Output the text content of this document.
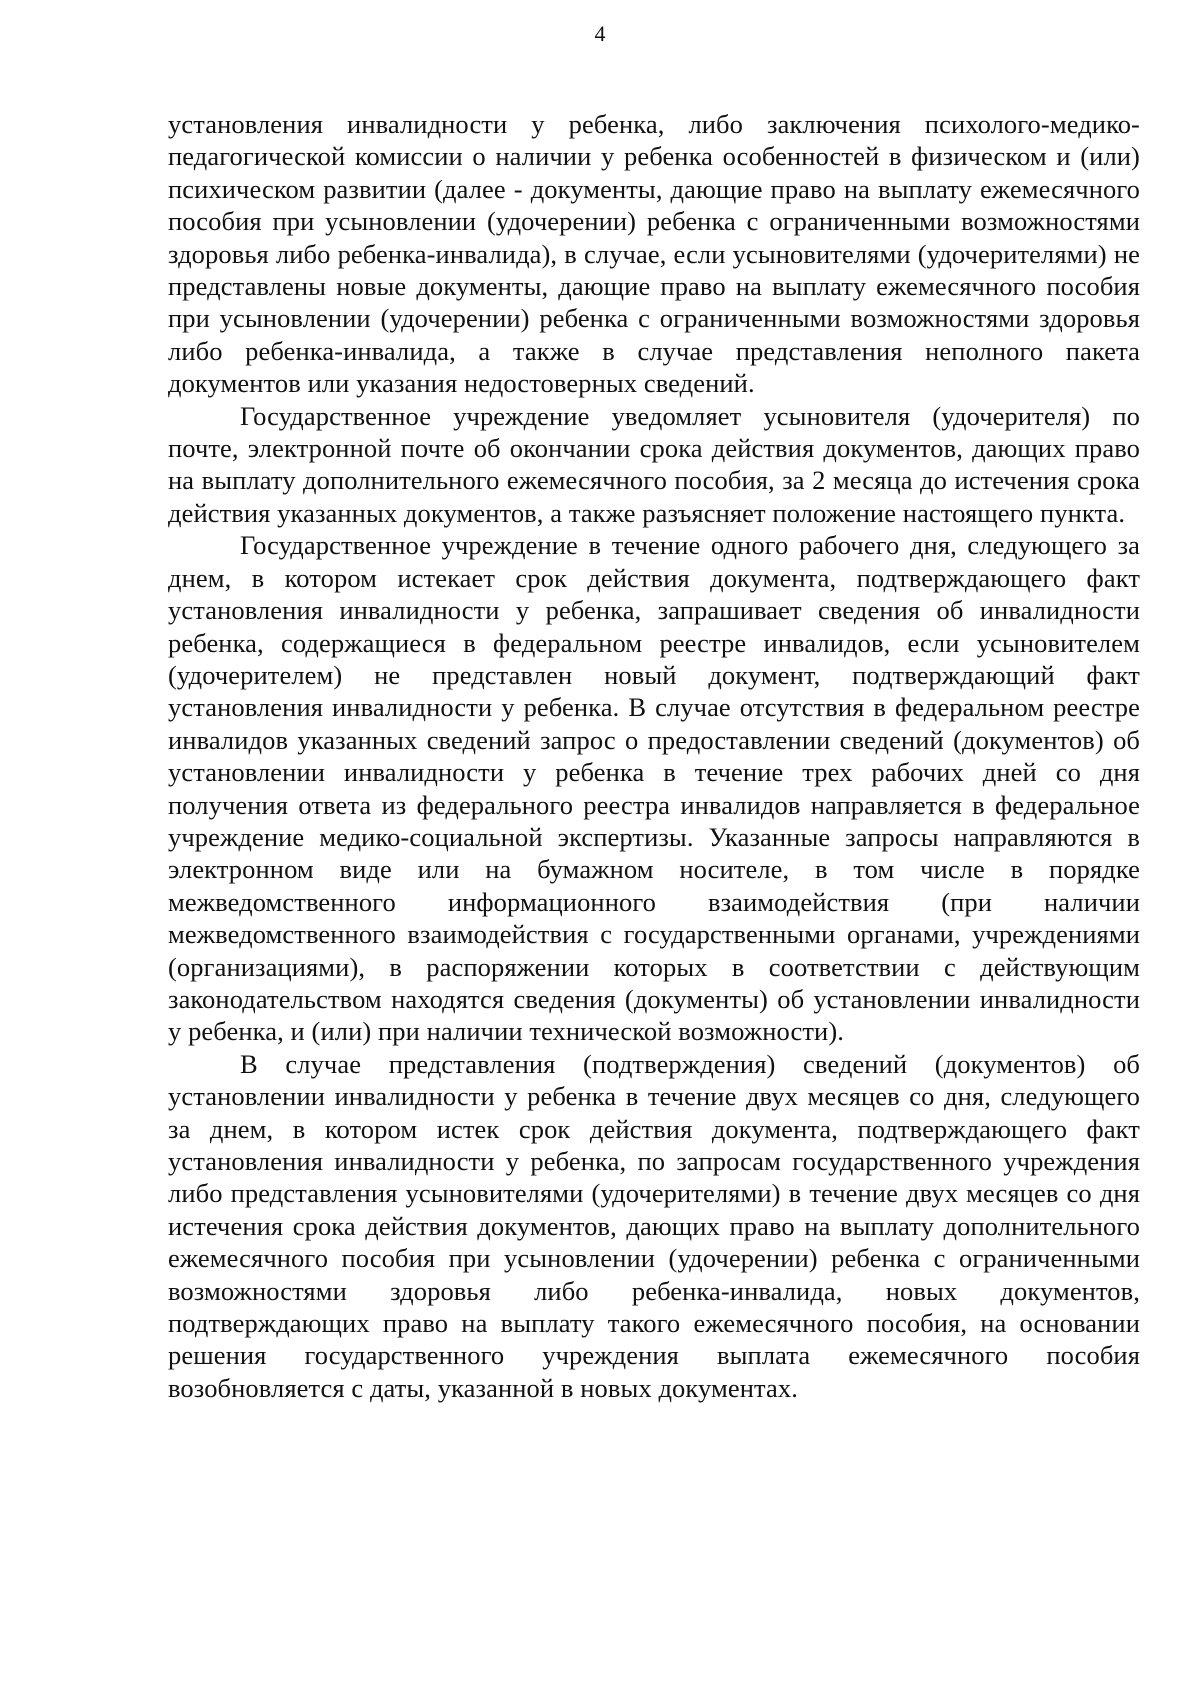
4

установления инвалидности у ребенка, либо заключения психолого-медико-педагогической комиссии о наличии у ребенка особенностей в физическом и (или) психическом развитии (далее - документы, дающие право на выплату ежемесячного пособия при усыновлении (удочерении) ребенка с ограниченными возможностями здоровья либо ребенка-инвалида), в случае, если усыновителями (удочерителями) не представлены новые документы, дающие право на выплату ежемесячного пособия при усыновлении (удочерении) ребенка с ограниченными возможностями здоровья либо ребенка-инвалида, а также в случае представления неполного пакета документов или указания недостоверных сведений.

Государственное учреждение уведомляет усыновителя (удочерителя) по почте, электронной почте об окончании срока действия документов, дающих право на выплату дополнительного ежемесячного пособия, за 2 месяца до истечения срока действия указанных документов, а также разъясняет положение настоящего пункта.

Государственное учреждение в течение одного рабочего дня, следующего за днем, в котором истекает срок действия документа, подтверждающего факт установления инвалидности у ребенка, запрашивает сведения об инвалидности ребенка, содержащиеся в федеральном реестре инвалидов, если усыновителем (удочерителем) не представлен новый документ, подтверждающий факт установления инвалидности у ребенка. В случае отсутствия в федеральном реестре инвалидов указанных сведений запрос о предоставлении сведений (документов) об установлении инвалидности у ребенка в течение трех рабочих дней со дня получения ответа из федерального реестра инвалидов направляется в федеральное учреждение медико-социальной экспертизы. Указанные запросы направляются в электронном виде или на бумажном носителе, в том числе в порядке межведомственного информационного взаимодействия (при наличии межведомственного взаимодействия с государственными органами, учреждениями (организациями), в распоряжении которых в соответствии с действующим законодательством находятся сведения (документы) об установлении инвалидности у ребенка, и (или) при наличии технической возможности).

В случае представления (подтверждения) сведений (документов) об установлении инвалидности у ребенка в течение двух месяцев со дня, следующего за днем, в котором истек срок действия документа, подтверждающего факт установления инвалидности у ребенка, по запросам государственного учреждения либо представления усыновителями (удочерителями) в течение двух месяцев со дня истечения срока действия документов, дающих право на выплату дополнительного ежемесячного пособия при усыновлении (удочерении) ребенка с ограниченными возможностями здоровья либо ребенка-инвалида, новых документов, подтверждающих право на выплату такого ежемесячного пособия, на основании решения государственного учреждения выплата ежемесячного пособия возобновляется с даты, указанной в новых документах.
